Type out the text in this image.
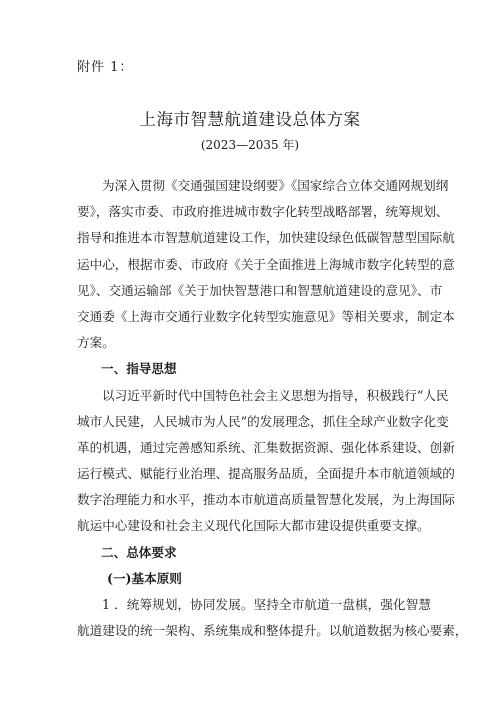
附件 1：
上海市智慧航道建设总体方案
(2023—2035 年)
为深入贯彻《交通强国建设纲要》《国家综合立体交通网规划纲
要》，落实市委、市政府推进城市数字化转型战略部署，统筹规划、
指导和推进本市智慧航道建设工作，加快建设绿色低碳智慧型国际航
运中心，根据市委、市政府《关于全面推进上海城市数字化转型的意
见》、交通运输部《关于加快智慧港口和智慧航道建设的意见》、市
交通委《上海市交通行业数字化转型实施意见》等相关要求，制定本
方案。
一、指导思想
以习近平新时代中国特色社会主义思想为指导，积极践行“人民
城市人民建，人民城市为人民”的发展理念，抓住全球产业数字化变
革的机遇，通过完善感知系统、汇集数据资源、强化体系建设、创新
运行模式、赋能行业治理、提高服务品质，全面提升本市航道领域的
数字治理能力和水平，推动本市航道高质量智慧化发展，为上海国际
航运中心建设和社会主义现代化国际大都市建设提供重要支撑。
二、总体要求
(一)基本原则
1 ．统筹规划，协同发展。坚持全市航道一盘棋，强化智慧
航道建设的统一架构、系统集成和整体提升。以航道数据为核心要素，
